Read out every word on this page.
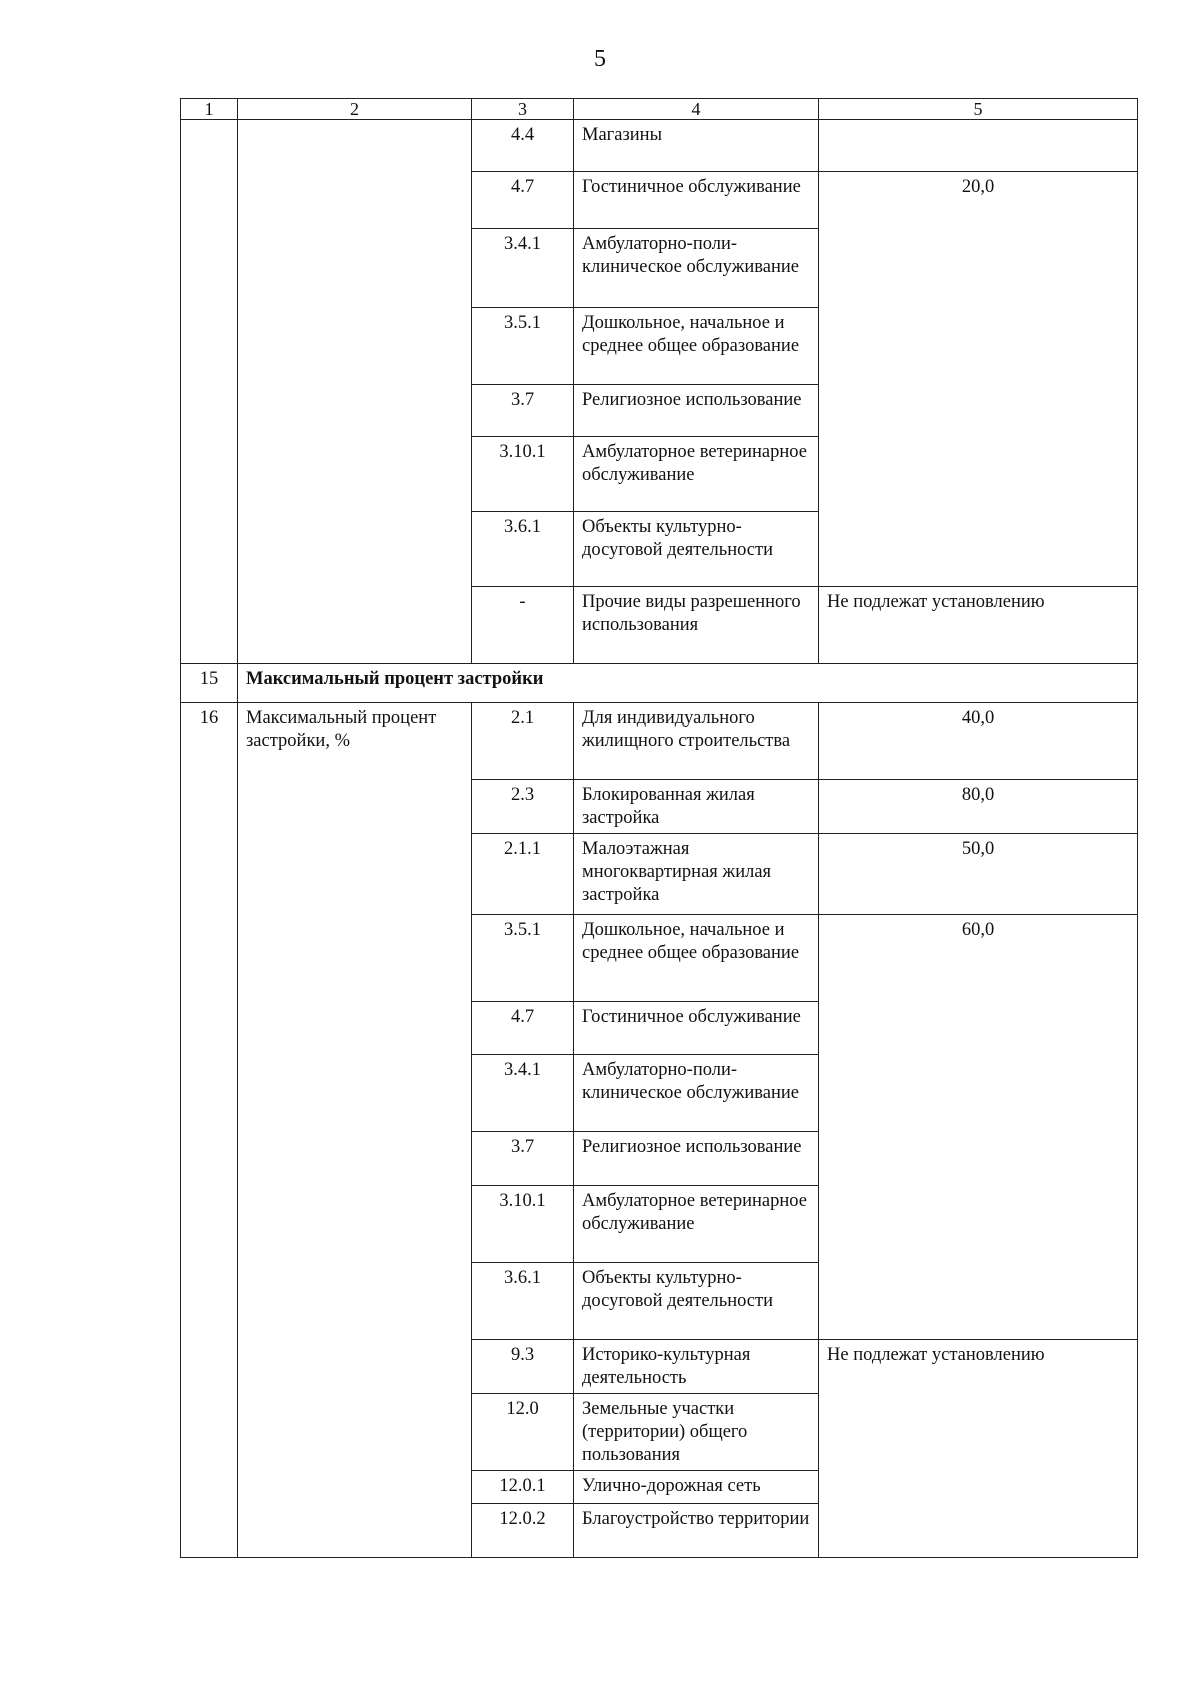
5
1	2	3	4	5
		4.4	Магазины	
		4.7	Гостиничное обслуживание	20,0
		3.4.1	Амбулаторно-поли-клиническое обслуживание	
		3.5.1	Дошкольное, начальное и среднее общее образование	
		3.7	Религиозное использование	
		3.10.1	Амбулаторное ветеринарное обслуживание	
		3.6.1	Объекты культурно-досуговой деятельности	
		-	Прочие виды разрешенного использования	Не подлежат установлению
15	Максимальный процент застройки			
16	Максимальный процент застройки, %	2.1	Для индивидуального жилищного строительства	40,0
		2.3	Блокированная жилая застройка	80,0
		2.1.1	Малоэтажная многоквартирная жилая застройка	50,0
		3.5.1	Дошкольное, начальное и среднее общее образование	60,0
		4.7	Гостиничное обслуживание	
		3.4.1	Амбулаторно-поли-клиническое обслуживание	
		3.7	Религиозное использование	
		3.10.1	Амбулаторное ветеринарное обслуживание	
		3.6.1	Объекты культурно-досуговой деятельности	
		9.3	Историко-культурная деятельность	Не подлежат установлению
		12.0	Земельные участки (территории) общего пользования	
		12.0.1	Улично-дорожная сеть	
		12.0.2	Благоустройство территории	
